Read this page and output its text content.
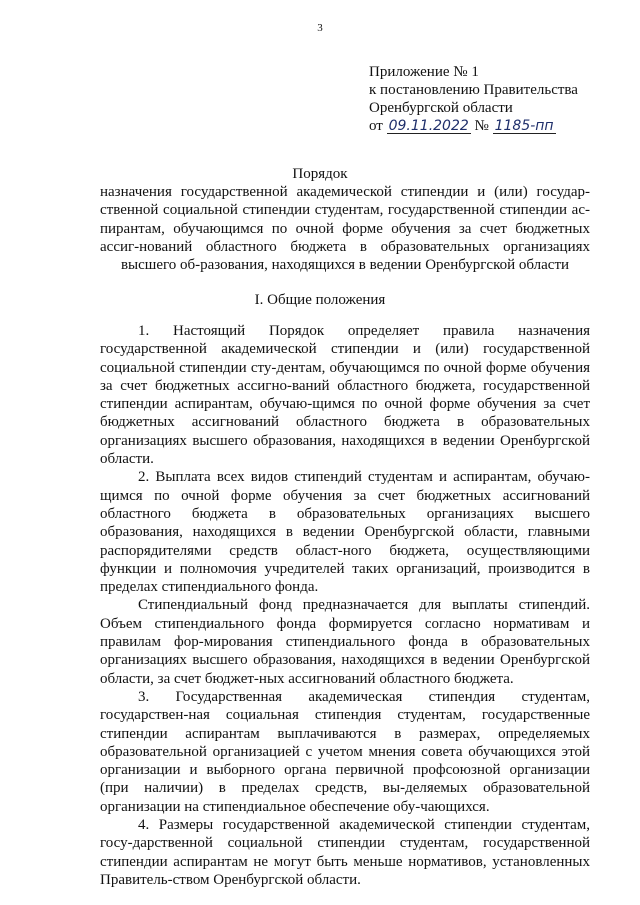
3
Приложение № 1
к постановлению Правительства
Оренбургской области
от 09.11.2022 № 1185-пп
Порядок
назначения государственной академической стипендии и (или) государ-ственной социальной стипендии студентам, государственной стипендии ас-пирантам, обучающимся по очной форме обучения за счет бюджетных ассиг-нований областного бюджета в образовательных организациях высшего об-разования, находящихся в ведении Оренбургской области
I. Общие положения

1. Настоящий Порядок определяет правила назначения государственной академической стипендии и (или) государственной социальной стипендии сту-дентам, обучающимся по очной форме обучения за счет бюджетных ассигно-ваний областного бюджета, государственной стипендии аспирантам, обучаю-щимся по очной форме обучения за счет бюджетных ассигнований областного бюджета в образовательных организациях высшего образования, находящихся в ведении Оренбургской области.

2. Выплата всех видов стипендий студентам и аспирантам, обучаю-щимся по очной форме обучения за счет бюджетных ассигнований областного бюджета в образовательных организациях высшего образования, находящихся в ведении Оренбургской области, главными распорядителями средств област-ного бюджета, осуществляющими функции и полномочия учредителей таких организаций, производится в пределах стипендиального фонда.

Стипендиальный фонд предназначается для выплаты стипендий. Объем стипендиального фонда формируется согласно нормативам и правилам фор-мирования стипендиального фонда в образовательных организациях высшего образования, находящихся в ведении Оренбургской области, за счет бюджет-ных ассигнований областного бюджета.

3. Государственная академическая стипендия студентам, государствен-ная социальная стипендия студентам, государственные стипендии аспирантам выплачиваются в размерах, определяемых образовательной организацией с учетом мнения совета обучающихся этой организации и выборного органа первичной профсоюзной организации (при наличии) в пределах средств, вы-деляемых образовательной организации на стипендиальное обеспечение обу-чающихся.

4. Размеры государственной академической стипендии студентам, госу-дарственной социальной стипендии студентам, государственной стипендии аспирантам не могут быть меньше нормативов, установленных Правитель-ством Оренбургской области.
